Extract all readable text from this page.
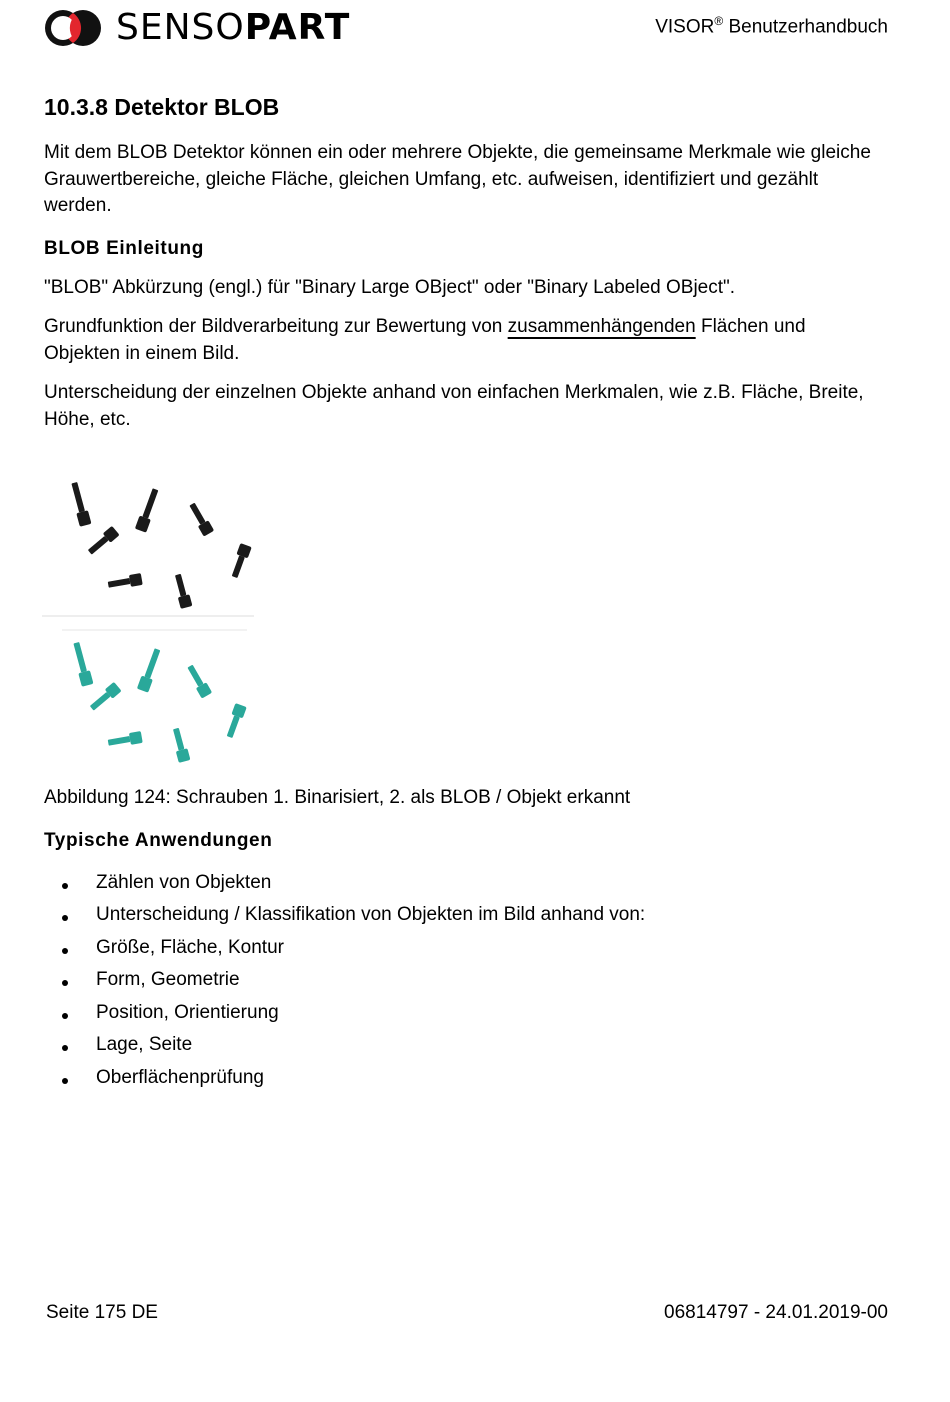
SENSOPART	VISOR® Benutzerhandbuch
10.3.8 Detektor BLOB

Mit dem BLOB Detektor können ein oder mehrere Objekte, die gemeinsame Merkmale wie gleiche Grauwertbereiche, gleiche Fläche, gleichen Umfang, etc. aufweisen, identifiziert und gezählt werden.

BLOB Einleitung

"BLOB" Abkürzung (engl.) für "Binary Large OBject" oder "Binary Labeled OBject".

Grundfunktion der Bildverarbeitung zur Bewertung von zusammenhängenden Flächen und Objekten in einem Bild.

Unterscheidung der einzelnen Objekte anhand von einfachen Merkmalen, wie z.B. Fläche, Breite, Höhe, etc.

Abbildung 124: Schrauben 1. Binarisiert, 2. als BLOB / Objekt erkannt

Typische Anwendungen
Zählen von Objekten
Unterscheidung / Klassifikation von Objekten im Bild anhand von:
Größe, Fläche, Kontur
Form, Geometrie
Position, Orientierung
Lage, Seite
Oberflächenprüfung
Seite 175 DE	06814797 - 24.01.2019-00
